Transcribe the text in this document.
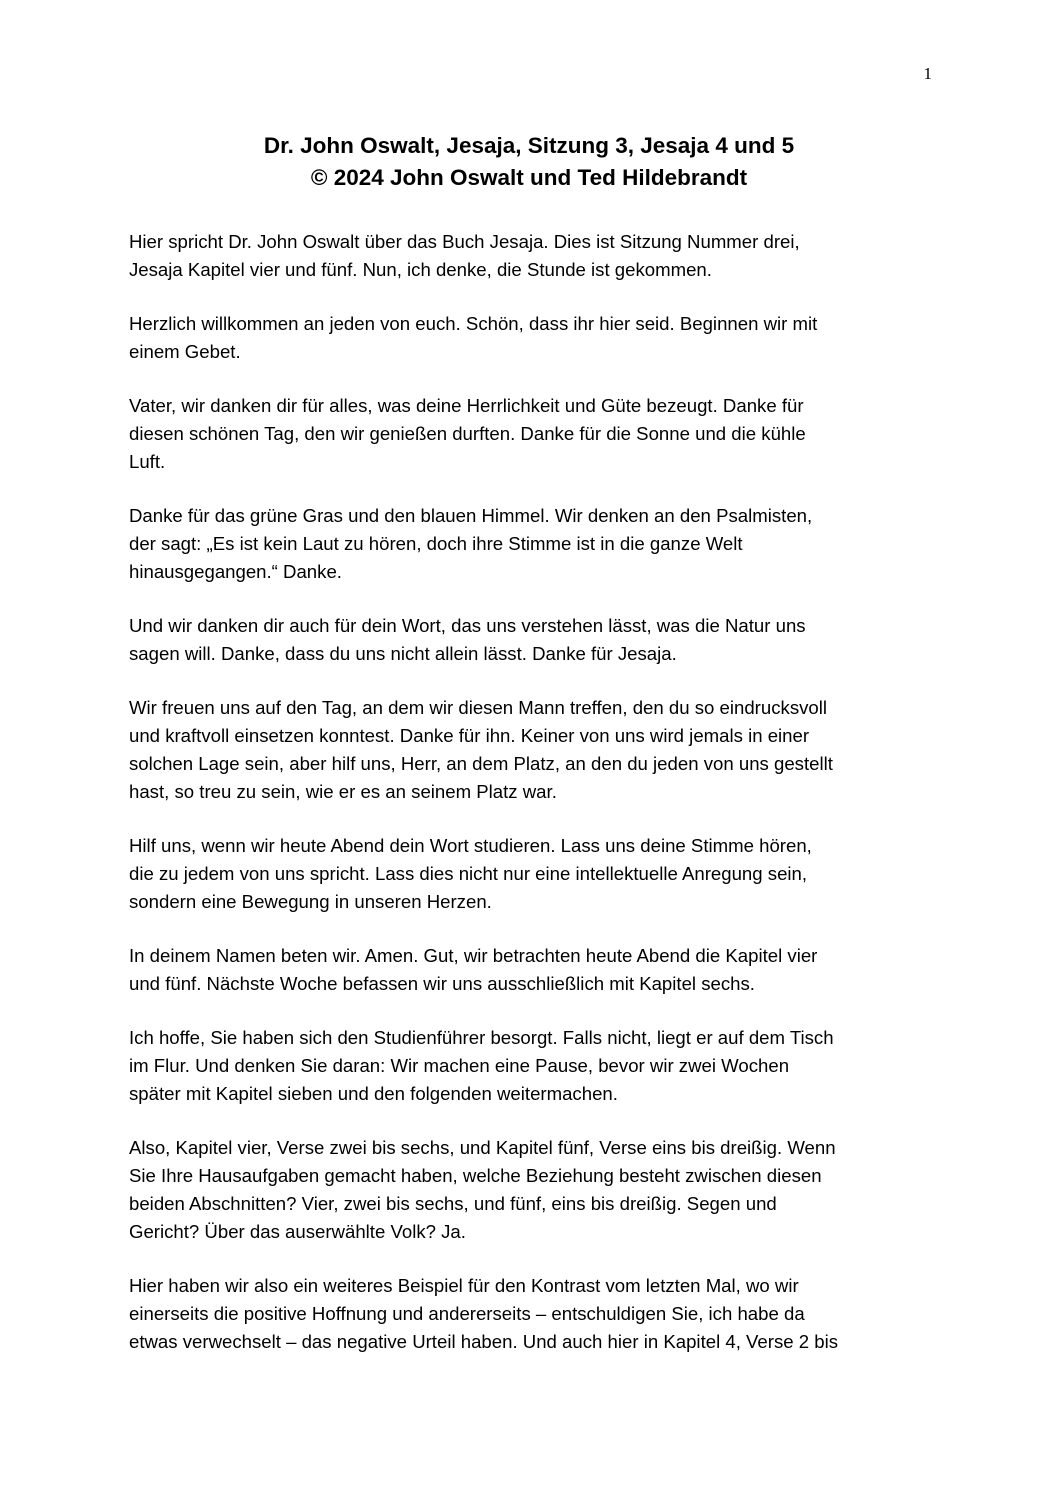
1
Dr. John Oswalt, Jesaja, Sitzung 3, Jesaja 4 und 5
© 2024 John Oswalt und Ted Hildebrandt

Hier spricht Dr. John Oswalt über das Buch Jesaja. Dies ist Sitzung Nummer drei,
Jesaja Kapitel vier und fünf. Nun, ich denke, die Stunde ist gekommen.

Herzlich willkommen an jeden von euch. Schön, dass ihr hier seid. Beginnen wir mit
einem Gebet.

Vater, wir danken dir für alles, was deine Herrlichkeit und Güte bezeugt. Danke für
diesen schönen Tag, den wir genießen durften. Danke für die Sonne und die kühle
Luft.

Danke für das grüne Gras und den blauen Himmel. Wir denken an den Psalmisten,
der sagt: „Es ist kein Laut zu hören, doch ihre Stimme ist in die ganze Welt
hinausgegangen.“ Danke.

Und wir danken dir auch für dein Wort, das uns verstehen lässt, was die Natur uns
sagen will. Danke, dass du uns nicht allein lässt. Danke für Jesaja.

Wir freuen uns auf den Tag, an dem wir diesen Mann treffen, den du so eindrucksvoll
und kraftvoll einsetzen konntest. Danke für ihn. Keiner von uns wird jemals in einer
solchen Lage sein, aber hilf uns, Herr, an dem Platz, an den du jeden von uns gestellt
hast, so treu zu sein, wie er es an seinem Platz war.

Hilf uns, wenn wir heute Abend dein Wort studieren. Lass uns deine Stimme hören,
die zu jedem von uns spricht. Lass dies nicht nur eine intellektuelle Anregung sein,
sondern eine Bewegung in unseren Herzen.

In deinem Namen beten wir. Amen. Gut, wir betrachten heute Abend die Kapitel vier
und fünf. Nächste Woche befassen wir uns ausschließlich mit Kapitel sechs.

Ich hoffe, Sie haben sich den Studienführer besorgt. Falls nicht, liegt er auf dem Tisch
im Flur. Und denken Sie daran: Wir machen eine Pause, bevor wir zwei Wochen
später mit Kapitel sieben und den folgenden weitermachen.

Also, Kapitel vier, Verse zwei bis sechs, und Kapitel fünf, Verse eins bis dreißig. Wenn
Sie Ihre Hausaufgaben gemacht haben, welche Beziehung besteht zwischen diesen
beiden Abschnitten? Vier, zwei bis sechs, und fünf, eins bis dreißig. Segen und
Gericht? Über das auserwählte Volk? Ja.

Hier haben wir also ein weiteres Beispiel für den Kontrast vom letzten Mal, wo wir
einerseits die positive Hoffnung und andererseits – entschuldigen Sie, ich habe da
etwas verwechselt – das negative Urteil haben. Und auch hier in Kapitel 4, Verse 2 bis
